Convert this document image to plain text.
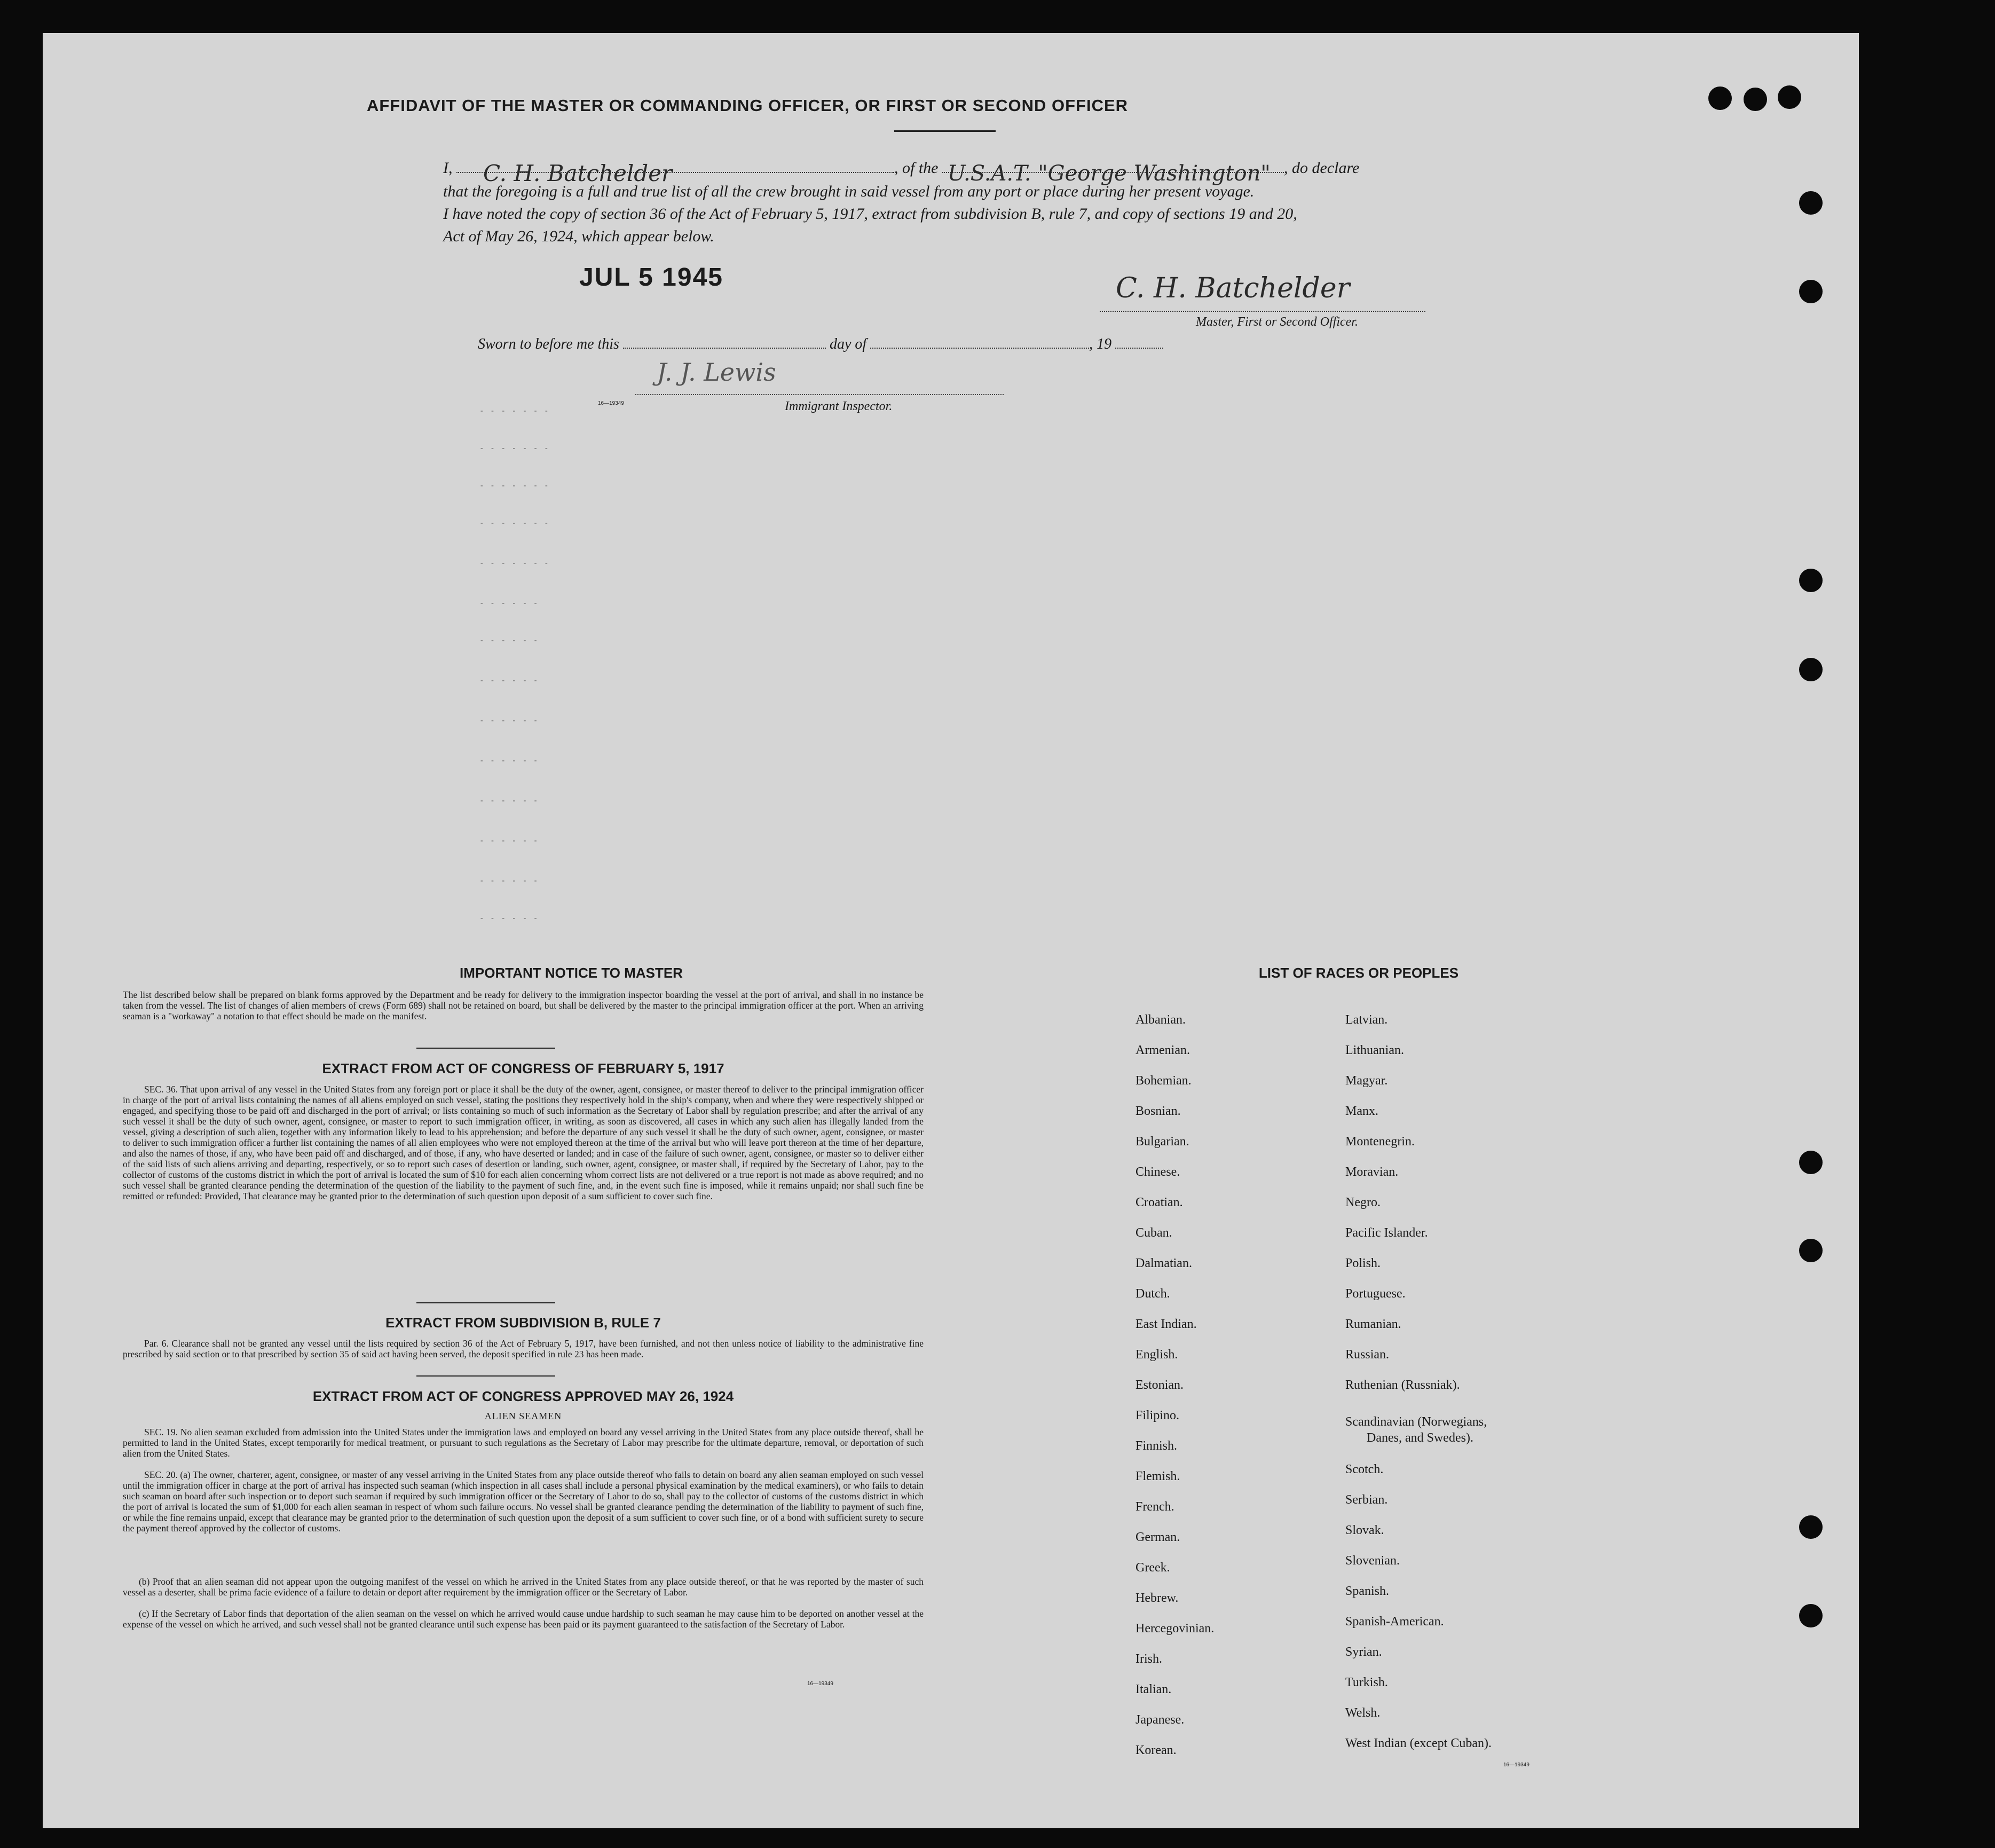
AFFIDAVIT OF THE MASTER OR COMMANDING OFFICER, OR FIRST OR SECOND OFFICER
I, C. H. Batchelder	, of the U.S.A.T. "George Washington" , do declare
that the foregoing is a full and true list of all the crew brought in said vessel from any port or place during her present voyage.
I have noted the copy of section 36 of the Act of February 5, 1917, extract from subdivision B, rule 7, and copy of sections 19 and 20,
Act of May 26, 1924, which appear below.
JUL 5 1945	C. H. Batchelder
Master, First or Second Officer.
Sworn to before me this	day of	, 19
J. J. Lewis
16—19349	Immigrant Inspector.
- - - - - - -
- - - - - - -
- - - - - - -
- - - - - - -
- - - - - - -
- - - - - -
- - - - - -
- - - - - -
- - - - - -
- - - - - -
- - - - - -
- - - - - -
- - - - - -
- - - - - -
IMPORTANT NOTICE TO MASTER
The list described below shall be prepared on blank forms approved by the Department and be ready for delivery to the immigration inspector boarding the vessel at the port of arrival, and shall in no instance be taken from the vessel. The list of changes of alien members of crews (Form 689) shall not be retained on board, but shall be delivered by the master to the principal immigration officer at the port. When an arriving seaman is a "workaway" a notation to that effect should be made on the manifest.
EXTRACT FROM ACT OF CONGRESS OF FEBRUARY 5, 1917
SEC. 36. That upon arrival of any vessel in the United States from any foreign port or place it shall be the duty of the owner, agent, consignee, or master thereof to deliver to the principal immigration officer in charge of the port of arrival lists containing the names of all aliens employed on such vessel, stating the positions they respectively hold in the ship's company, when and where they were respectively shipped or engaged, and specifying those to be paid off and discharged in the port of arrival; or lists containing so much of such information as the Secretary of Labor shall by regulation prescribe; and after the arrival of any such vessel it shall be the duty of such owner, agent, consignee, or master to report to such immigration officer, in writing, as soon as discovered, all cases in which any such alien has illegally landed from the vessel, giving a description of such alien, together with any information likely to lead to his apprehension; and before the departure of any such vessel it shall be the duty of such owner, agent, consignee, or master to deliver to such immigration officer a further list containing the names of all alien employees who were not employed thereon at the time of the arrival but who will leave port thereon at the time of her departure, and also the names of those, if any, who have been paid off and discharged, and of those, if any, who have deserted or landed; and in case of the failure of such owner, agent, consignee, or master so to deliver either of the said lists of such aliens arriving and departing, respectively, or so to report such cases of desertion or landing, such owner, agent, consignee, or master shall, if required by the Secretary of Labor, pay to the collector of customs of the customs district in which the port of arrival is located the sum of $10 for each alien concerning whom correct lists are not delivered or a true report is not made as above required; and no such vessel shall be granted clearance pending the determination of the question of the liability to the payment of such fine, and, in the event such fine is imposed, while it remains unpaid; nor shall such fine be remitted or refunded: Provided, That clearance may be granted prior to the determination of such question upon deposit of a sum sufficient to cover such fine.
EXTRACT FROM SUBDIVISION B, RULE 7
Par. 6. Clearance shall not be granted any vessel until the lists required by section 36 of the Act of February 5, 1917, have been furnished, and not then unless notice of liability to the administrative fine prescribed by said section or to that prescribed by section 35 of said act having been served, the deposit specified in rule 23 has been made.
EXTRACT FROM ACT OF CONGRESS APPROVED MAY 26, 1924
ALIEN SEAMEN
SEC. 19. No alien seaman excluded from admission into the United States under the immigration laws and employed on board any vessel arriving in the United States from any place outside thereof, shall be permitted to land in the United States, except temporarily for medical treatment, or pursuant to such regulations as the Secretary of Labor may prescribe for the ultimate departure, removal, or deportation of such alien from the United States.
SEC. 20. (a) The owner, charterer, agent, consignee, or master of any vessel arriving in the United States from any place outside thereof who fails to detain on board any alien seaman employed on such vessel until the immigration officer in charge at the port of arrival has inspected such seaman (which inspection in all cases shall include a personal physical examination by the medical examiners), or who fails to detain such seaman on board after such inspection or to deport such seaman if required by such immigration officer or the Secretary of Labor to do so, shall pay to the collector of customs of the customs district in which the port of arrival is located the sum of $1,000 for each alien seaman in respect of whom such failure occurs. No vessel shall be granted clearance pending the determination of the liability to payment of such fine, or while the fine remains unpaid, except that clearance may be granted prior to the determination of such question upon the deposit of a sum sufficient to cover such fine, or of a bond with sufficient surety to secure the payment thereof approved by the collector of customs.
(b) Proof that an alien seaman did not appear upon the outgoing manifest of the vessel on which he arrived in the United States from any place outside thereof, or that he was reported by the master of such vessel as a deserter, shall be prima facie evidence of a failure to detain or deport after requirement by the immigration officer or the Secretary of Labor.
(c) If the Secretary of Labor finds that deportation of the alien seaman on the vessel on which he arrived would cause undue hardship to such seaman he may cause him to be deported on another vessel at the expense of the vessel on which he arrived, and such vessel shall not be granted clearance until such expense has been paid or its payment guaranteed to the satisfaction of the Secretary of Labor.
16—19349
LIST OF RACES OR PEOPLES
16—19349
Albanian.
Armenian.
Bohemian.
Bosnian.
Bulgarian.
Chinese.
Croatian.
Cuban.
Dalmatian.
Dutch.
East Indian.
English.
Estonian.
Filipino.
Finnish.
Flemish.
French.
German.
Greek.
Hebrew.
Hercegovinian.
Irish.
Italian.
Japanese.
Korean.
Latvian.
Lithuanian.
Magyar.
Manx.
Montenegrin.
Moravian.
Negro.
Pacific Islander.
Polish.
Portuguese.
Rumanian.
Russian.
Ruthenian (Russniak).
Scandinavian (Norwegians,
Danes, and Swedes).
Scotch.
Serbian.
Slovak.
Slovenian.
Spanish.
Spanish-American.
Syrian.
Turkish.
Welsh.
West Indian (except Cuban).
